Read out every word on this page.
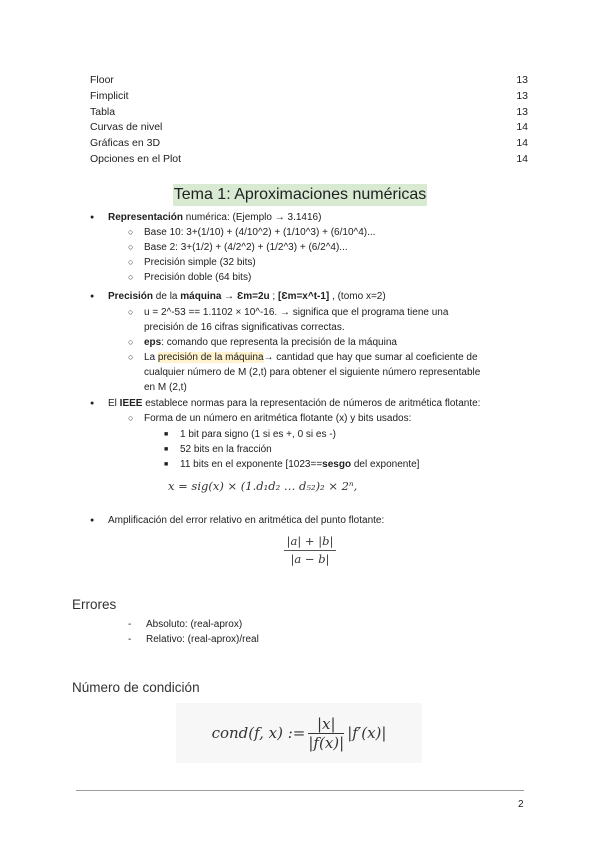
Floor	13
Fimplicit	13
Tabla	13
Curvas de nivel	14
Gráficas en 3D	14
Opciones en el Plot	14
Tema 1: Aproximaciones numéricas
● Representación numérica: (Ejemplo → 3.1416)
○ Base 10: 3+(1/10) + (4/10^2) + (1/10^3) + (6/10^4)...
○ Base 2: 3+(1/2) + (4/2^2) + (1/2^3) + (6/2^4)...
○ Precisión simple (32 bits)
○ Precisión doble (64 bits)
● Precisión de la máquina → Ɛm=2u ; [Ɛm=x^t-1] , (tomo x=2)
○ u = 2^-53 == 1.1102 × 10^-16. → significa que el programa tiene una
precisión de 16 cifras significativas correctas.
○ eps: comando que representa la precisión de la máquina
○ La precisión de la máquina→ cantidad que hay que sumar al coeficiente de
cualquier número de M (2,t) para obtener el siguiente número representable
en M (2,t)
● El IEEE establece normas para la representación de números de aritmética flotante:
○ Forma de un número en aritmética flotante (x) y bits usados:
■ 1 bit para signo (1 si es +, 0 si es -)
■ 52 bits en la fracción
■ 11 bits en el exponente [1023==sesgo del exponente]
● Amplificación del error relativo en aritmética del punto flotante:
x = sig(x) × (1.d₁d₂ … d₅₂)₂ × 2ⁿ,
|a| + |b|
|a − b|
Errores
- Absoluto: (real-aprox)
- Relativo: (real-aprox)/real
Número de condición
cond(f, x) :=
|x|
|f(x)|
|f′(x)|
2
